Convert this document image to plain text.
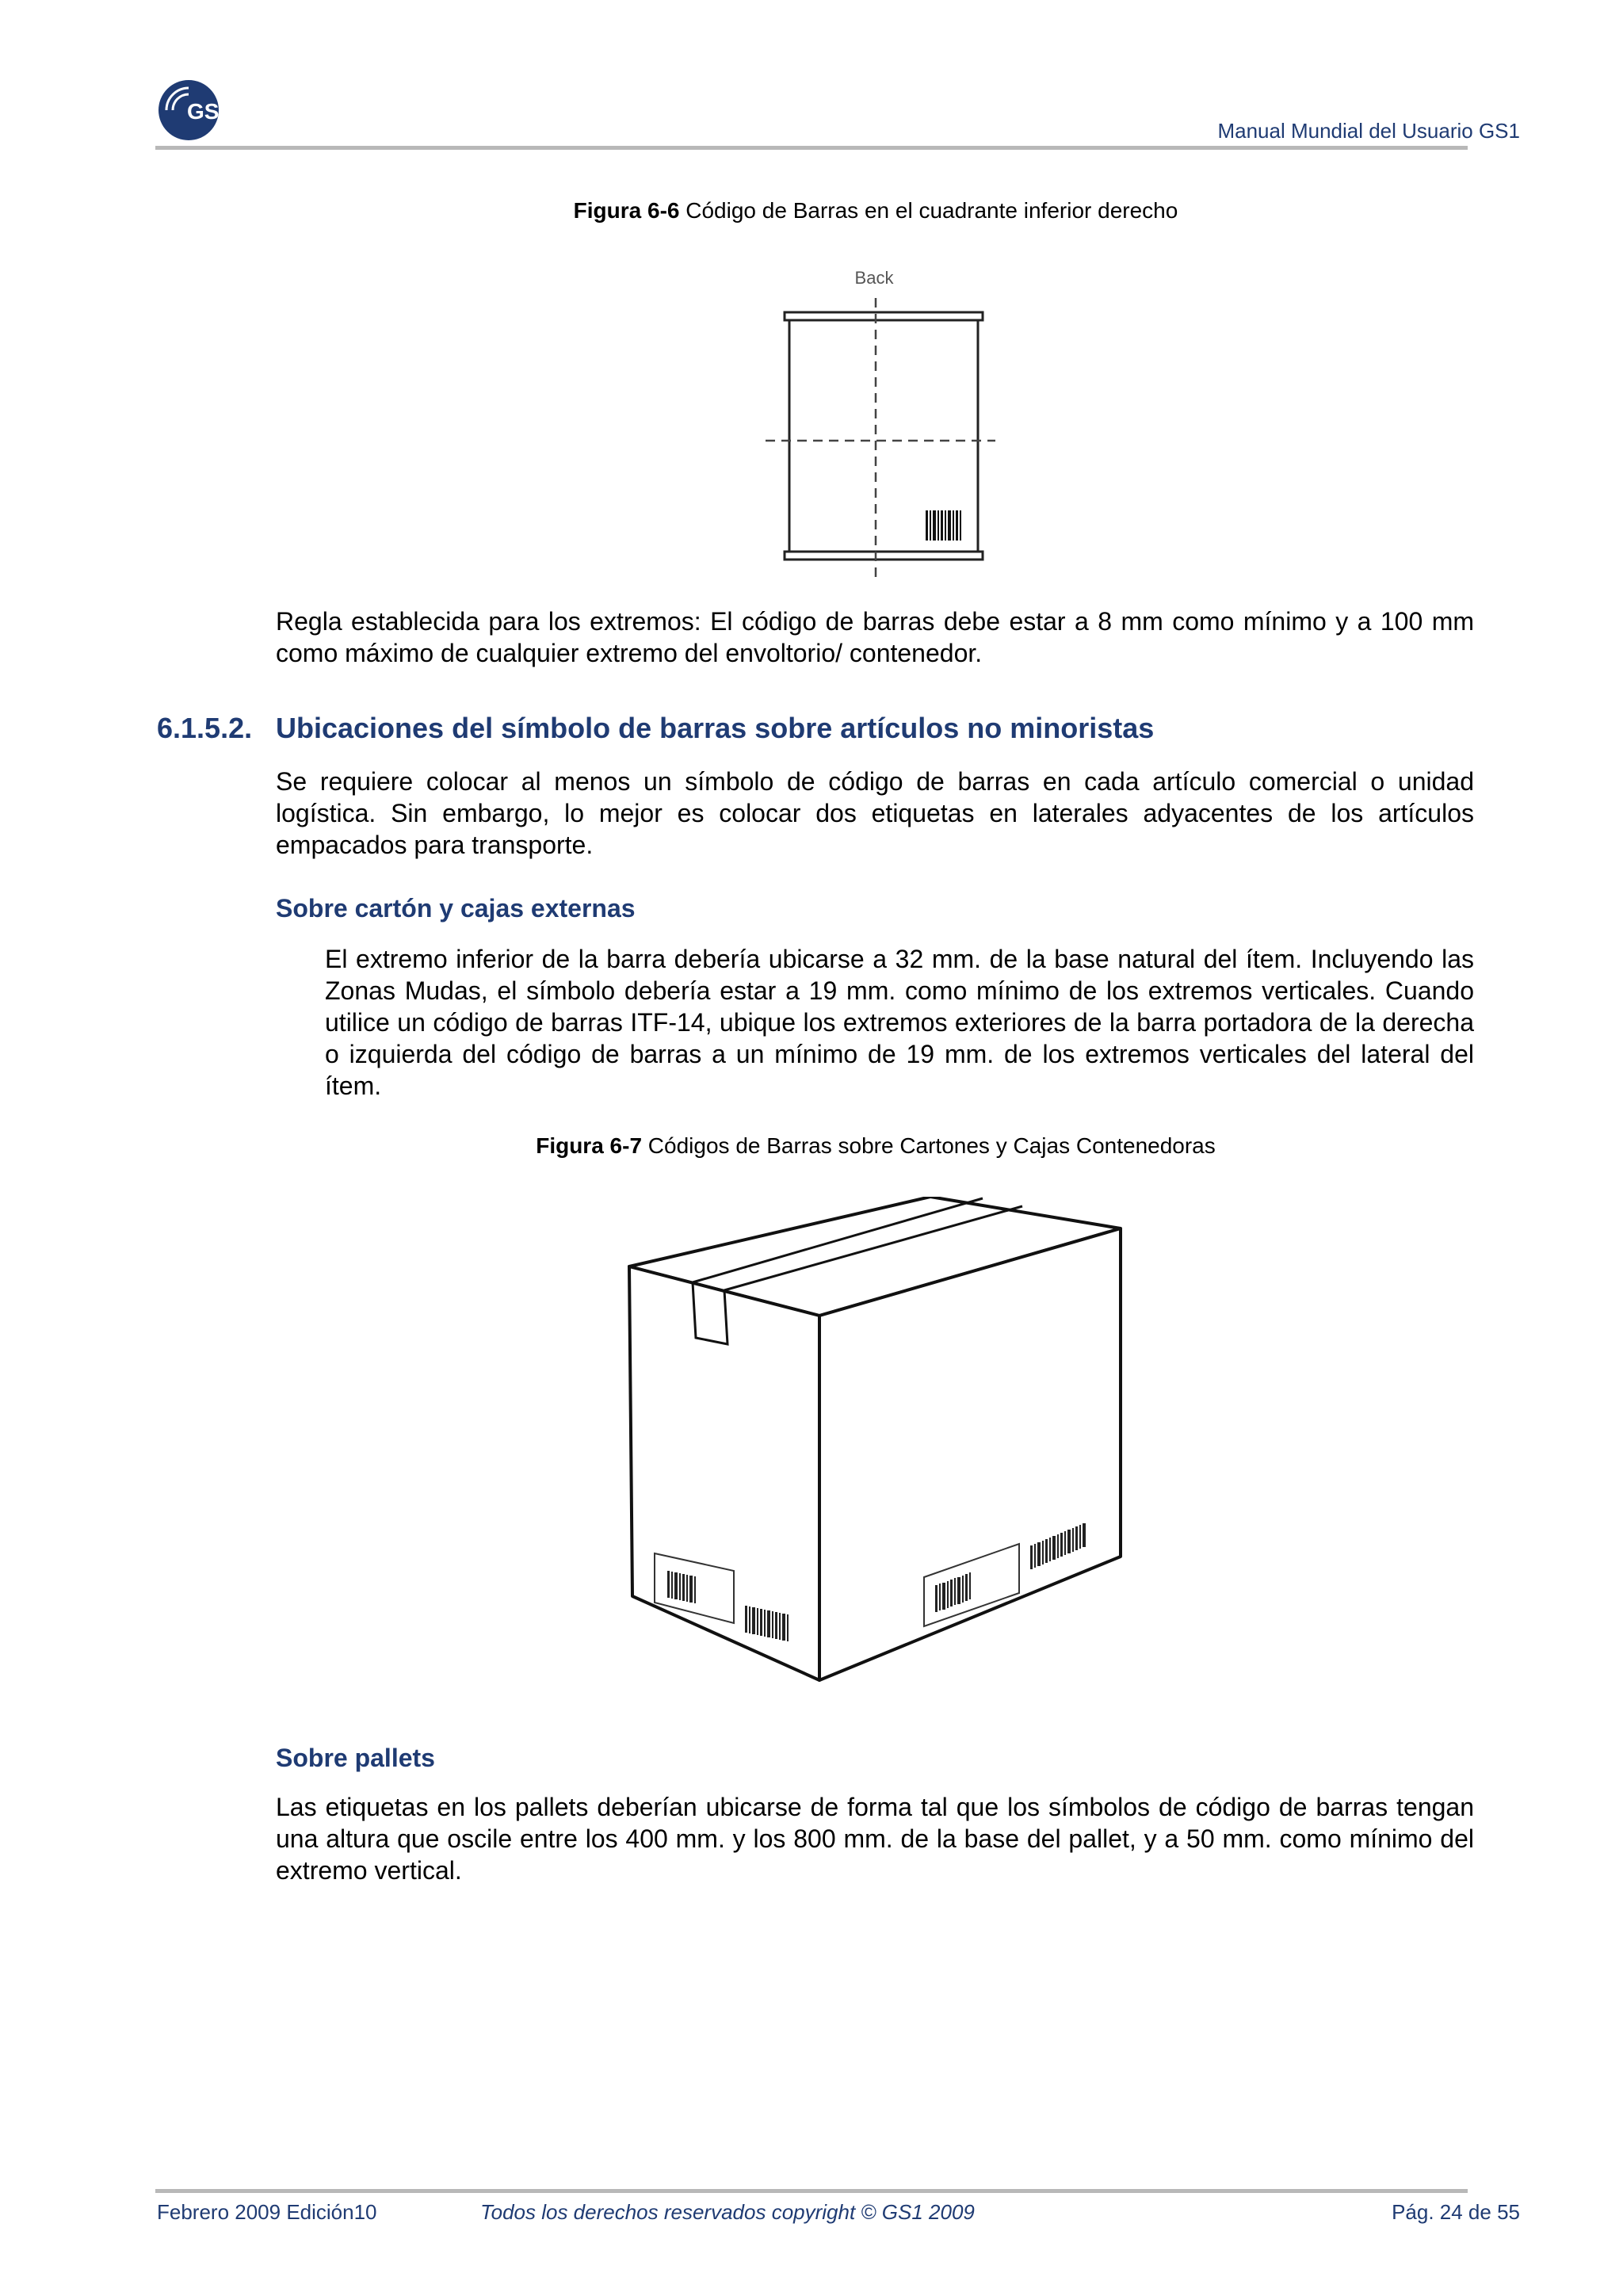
GS1
Manual Mundial del Usuario GS1
Figura 6-6 Código de Barras en el cuadrante inferior derecho
Back
Regla establecida para los extremos: El código de barras debe estar a 8 mm como mínimo y a 100 mm como máximo de cualquier extremo del envoltorio/ contenedor.
6.1.5.2. Ubicaciones del símbolo de barras sobre artículos no minoristas
Se requiere colocar al menos un símbolo de código de barras en cada artículo comercial o unidad logística. Sin embargo, lo mejor es colocar dos etiquetas en laterales adyacentes de los artículos empacados para transporte.
Sobre cartón y cajas externas
El extremo inferior de la barra debería ubicarse a 32 mm. de la base natural del ítem. Incluyendo las Zonas Mudas, el símbolo debería estar a 19 mm. como mínimo de los extremos verticales. Cuando utilice un código de barras ITF-14, ubique los extremos exteriores de la barra portadora de la derecha o izquierda del código de barras a un mínimo de 19 mm. de los extremos verticales del lateral del ítem.
Figura 6-7 Códigos de Barras sobre Cartones y Cajas Contenedoras
Sobre pallets
Las etiquetas en los pallets deberían ubicarse de forma tal que los símbolos de código de barras tengan una altura que oscile entre los 400 mm. y los 800 mm. de la base del pallet, y a 50 mm. como mínimo del extremo vertical.
Febrero 2009 Edición10	Todos los derechos reservados copyright © GS1 2009	Pág. 24 de 55
